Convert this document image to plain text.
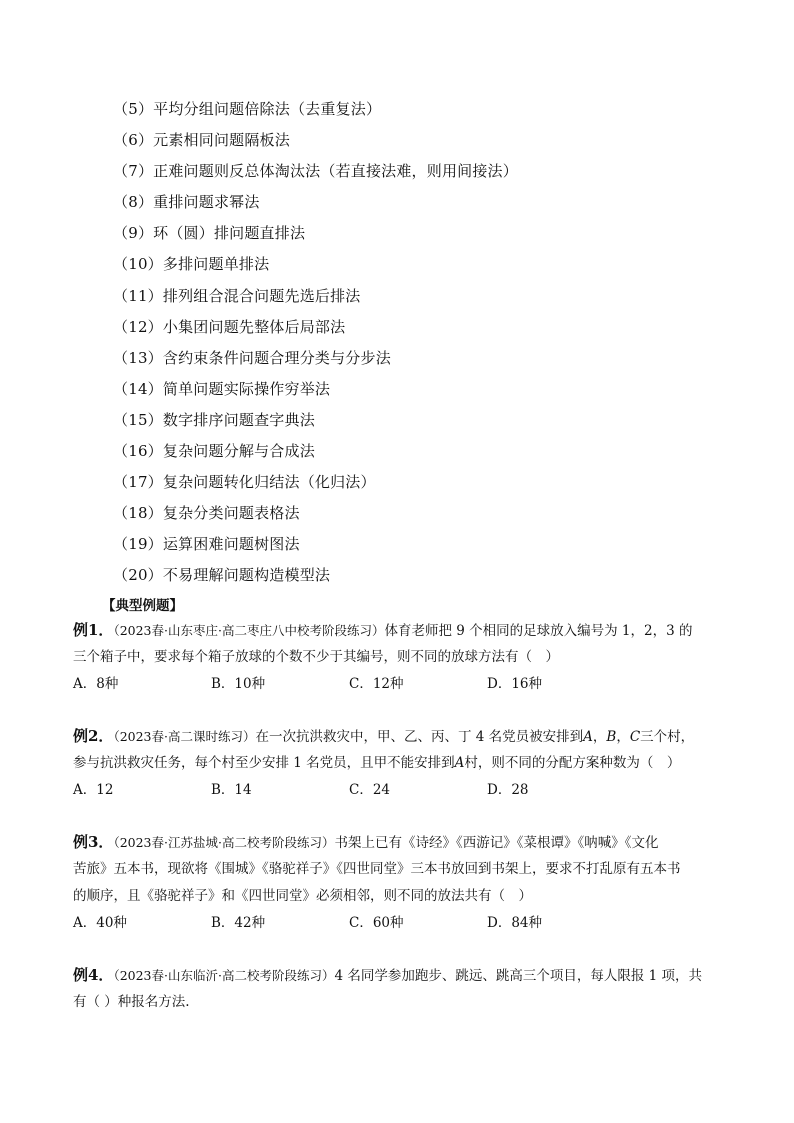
（5）平均分组问题倍除法（去重复法）
（6）元素相同问题隔板法
（7）正难问题则反总体淘汰法（若直接法难，则用间接法）
（8）重排问题求幂法
（9）环（圆）排问题直排法
（10）多排问题单排法
（11）排列组合混合问题先选后排法
（12）小集团问题先整体后局部法
（13）含约束条件问题合理分类与分步法
（14）简单问题实际操作穷举法
（15）数字排序问题查字典法
（16）复杂问题分解与合成法
（17）复杂问题转化归结法（化归法）
（18）复杂分类问题表格法
（19）运算困难问题树图法
（20）不易理解问题构造模型法
【典型例题】
例1．（2023春·山东枣庄·高二枣庄八中校考阶段练习）体育老师把 9 个相同的足球放入编号为 1，2，3 的
三个箱子中，要求每个箱子放球的个数不少于其编号，则不同的放球方法有（　）
A．8种	B．10种	C．12种	D．16种
例2．（2023春·高二课时练习）在一次抗洪救灾中，甲、乙、丙、丁 4 名党员被安排到A，B，C三个村，
参与抗洪救灾任务，每个村至少安排 1 名党员，且甲不能安排到A村，则不同的分配方案种数为（　）
A．12	B．14	C．24	D．28
例3．（2023春·江苏盐城·高二校考阶段练习）书架上已有《诗经》《西游记》《菜根谭》《呐喊》《文化
苦旅》五本书，现欲将《围城》《骆驼祥子》《四世同堂》三本书放回到书架上，要求不打乱原有五本书
的顺序，且《骆驼祥子》和《四世同堂》必须相邻，则不同的放法共有（　）
A．40种	B．42种	C．60种	D．84种
例4．（2023春·山东临沂·高二校考阶段练习）4 名同学参加跑步、跳远、跳高三个项目，每人限报 1 项，共
有（ ）种报名方法.
